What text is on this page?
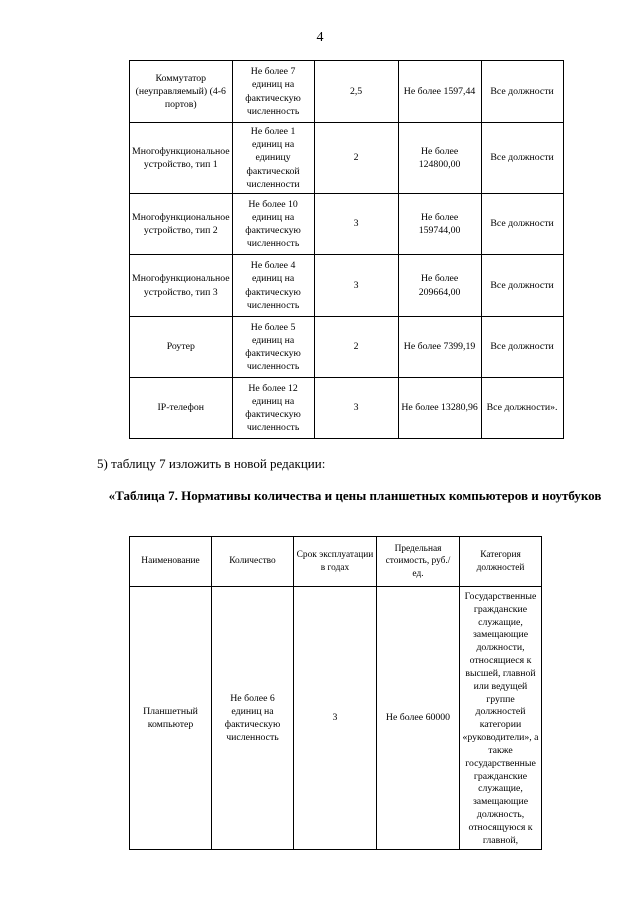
4
Коммутатор (неуправляемый) (4-6 портов)	Не более 7 единиц на фактическую численность	2,5	Не более 1597,44	Все должности
Многофункциональное устройство, тип 1	Не более 1 единиц на единицу фактической численности	2	Не более 124800,00	Все должности
Многофункциональное устройство, тип 2	Не более 10 единиц на фактическую численность	3	Не более 159744,00	Все должности
Многофункциональное устройство, тип 3	Не более 4 единиц на фактическую численность	3	Не более 209664,00	Все должности
Роутер	Не более 5 единиц на фактическую численность	2	Не более 7399,19	Все должности
IP-телефон	Не более 12 единиц на фактическую численность	3	Не более 13280,96	Все должности».
5) таблицу 7 изложить в новой редакции:
«Таблица 7. Нормативы количества и цены планшетных компьютеров и ноутбуков
Наименование	Количество	Срок эксплуатации в годах	Предельная стоимость, руб./ ед.	Категория должностей
Планшетный компьютер	Не более 6 единиц на фактическую численность	3	Не более 60000	Государственные гражданские служащие, замещающие должности, относящиеся к высшей, главной или ведущей группе должностей категории «руководители», а также государственные гражданские служащие, замещающие должность, относящуюся к главной,
